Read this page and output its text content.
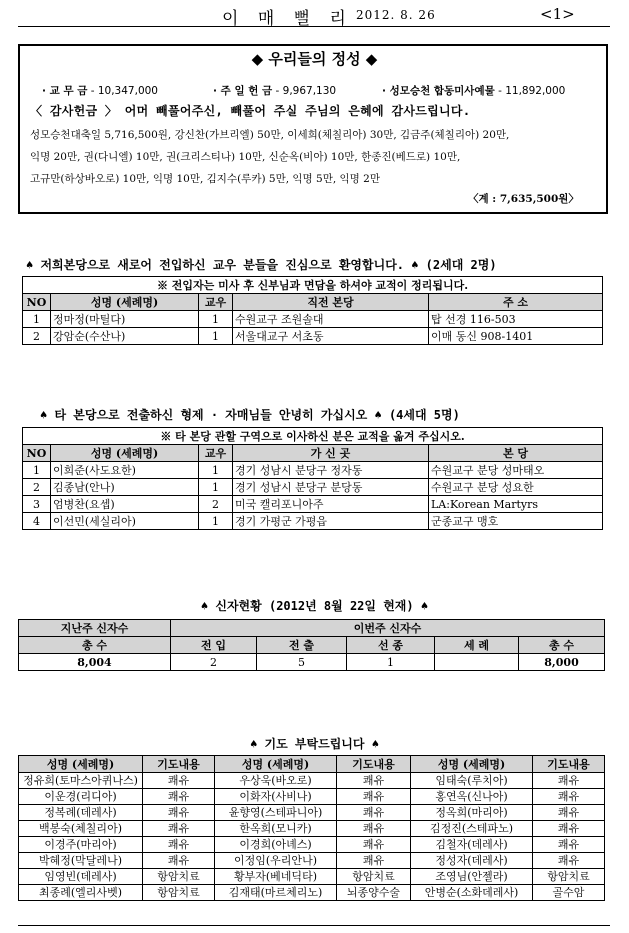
이 매 뻘 리 2012. 8. 26	<1>
◆ 우리들의 정성 ◆
· 교 무 금 - 10,347,000	· 주 일 헌 금 - 9,967,130	· 성모승천 합동미사예물 - 11,892,000
〈 감사헌금 〉 어머 빼풀어주신, 빼풀어 주실 주님의 은혜에 감사드립니다.
성모승천대축일 5,716,500원, 강신찬(가브리엘) 50만, 이세희(체칠리아) 30만, 김금주(체칠리아) 20만,
익명 20만, 권(다니엘) 10만, 권(크리스티나) 10만, 신순옥(비아) 10만, 한종진(베드로) 10만,
고규만(하상바오로) 10만, 익명 10만, 김지수(루카) 5만, 익명 5만, 익명 2만
〈계 : 7,635,500원〉
♠ 저희본당으로 새로어 전입하신 교우 분들을 진심으로 환영합니다. ♠ (2세대 2명)
※ 전입자는 미사 후 신부님과 면담을 하셔야 교적이 정리됩니다.				
NO	성명 (세례명)	교우	직전 본당	주 소
1	정마정(마틸다)	1	수원교구 조원솔대	탑 선경 116-503
2	강암순(수산나)	1	서울대교구 서초동	이매 동신 908-1401
♠ 타 본당으로 전출하신 형제 · 자매님들 안녕히 가십시오 ♠ (4세대 5명)
※ 타 본당 관할 구역으로 이사하신 분은 교적을 옮겨 주십시오.				
NO	성명 (세례명)	교우	가 신 곳	본 당
1	이희준(사도요한)	1	경기 성남시 분당구 정자동	수원교구 분당 성마태오
2	김종남(안나)	1	경기 성남시 분당구 분당동	수원교구 분당 성요한
3	엄병찬(요셉)	2	미국 캘리포니아주	LA:Korean Martyrs
4	이선민(세실리아)	1	경기 가평군 가평읍	군종교구 맹호
♠ 신자현황 (2012년 8월 22일 현재) ♠
지난주 신자수	이번주 신자수				
총 수	전 입	전 출	선 종	세 례	총 수
8,004	2	5	1		8,000
♠ 기도 부탁드립니다 ♠
성명 (세례명)	기도내용	성명 (세례명)	기도내용	성명 (세례명)	기도내용
정유희(토마스아퀴나스)	쾌유	우상욱(바오로)	쾌유	임태숙(루치아)	쾌유
이운경(리디아)	쾌유	이화자(사비나)	쾌유	홍연옥(신나아)	쾌유
정복례(데레사)	쾌유	윤향영(스테파니아)	쾌유	정옥희(마리아)	쾌유
백봉숙(체칠리아)	쾌유	한옥희(모니카)	쾌유	김정진(스테파노)	쾌유
이경주(마리아)	쾌유	이경희(아녜스)	쾌유	김철자(데레사)	쾌유
박혜정(막달레나)	쾌유	이정임(우리안나)	쾌유	정성자(데레사)	쾌유
임영빈(데레사)	항암치료	황부자(베네딕타)	항암치료	조영님(안젤라)	항암치료
최종례(엘리사벳)	항암치료	김재태(마르체리노)	뇌종양수술	안병순(소화데레사)	골수암
